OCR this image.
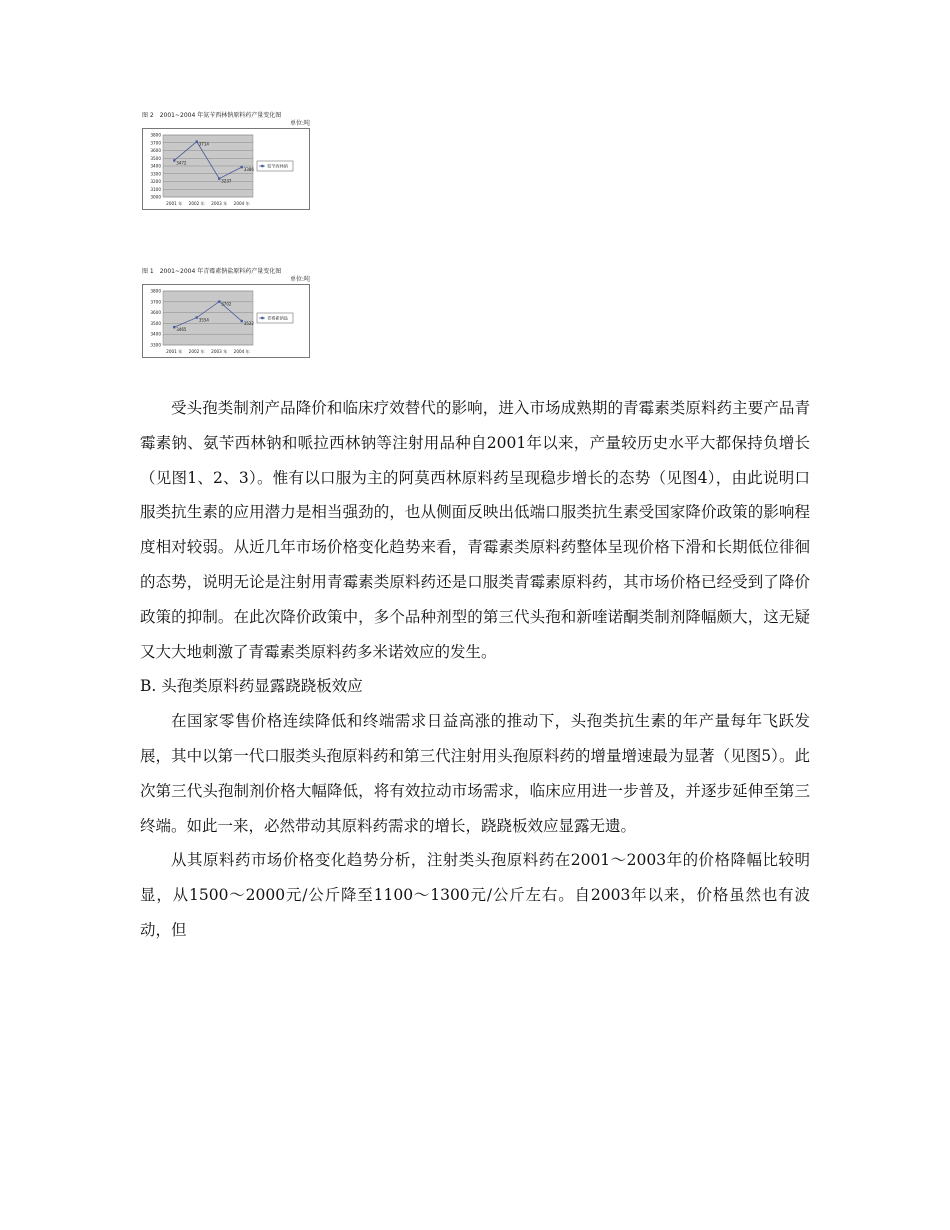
图 2　2001~2004 年氨苄西林钠原料药产量变化图
单位:吨
3800
3700
3600
3500
3400
3300
3200
3100
3000
2001 年 2002 年 2003 年 2004 年
3472
3714
3237
3386
氨苄西林钠
图 1　2001~2004 年青霉素钠盐原料药产量变化图
单位:吨
3800
3700
3600
3500
3400
3300
2001 年 2002 年 2003 年 2004 年
3465
3554
3702
3522
青霉素钠盐

受头孢类制剂产品降价和临床疗效替代的影响，进入市场成熟期的青霉素类原料药主要产品青霉素钠、氨苄西林钠和哌拉西林钠等注射用品种自2001年以来，产量较历史水平大都保持负增长（见图1、2、3）。惟有以口服为主的阿莫西林原料药呈现稳步增长的态势（见图4），由此说明口服类抗生素的应用潜力是相当强劲的，也从侧面反映出低端口服类抗生素受国家降价政策的影响程度相对较弱。从近几年市场价格变化趋势来看，青霉素类原料药整体呈现价格下滑和长期低位徘徊的态势，说明无论是注射用青霉素类原料药还是口服类青霉素原料药，其市场价格已经受到了降价政策的抑制。在此次降价政策中，多个品种剂型的第三代头孢和新喹诺酮类制剂降幅颇大，这无疑又大大地刺激了青霉素类原料药多米诺效应的发生。

B. 头孢类原料药显露跷跷板效应

在国家零售价格连续降低和终端需求日益高涨的推动下，头孢类抗生素的年产量每年飞跃发展，其中以第一代口服类头孢原料药和第三代注射用头孢原料药的增量增速最为显著（见图5）。此次第三代头孢制剂价格大幅降低，将有效拉动市场需求，临床应用进一步普及，并逐步延伸至第三终端。如此一来，必然带动其原料药需求的增长，跷跷板效应显露无遗。

从其原料药市场价格变化趋势分析，注射类头孢原料药在2001～2003年的价格降幅比较明显，从1500～2000元/公斤降至1100～1300元/公斤左右。自2003年以来，价格虽然也有波动，但
